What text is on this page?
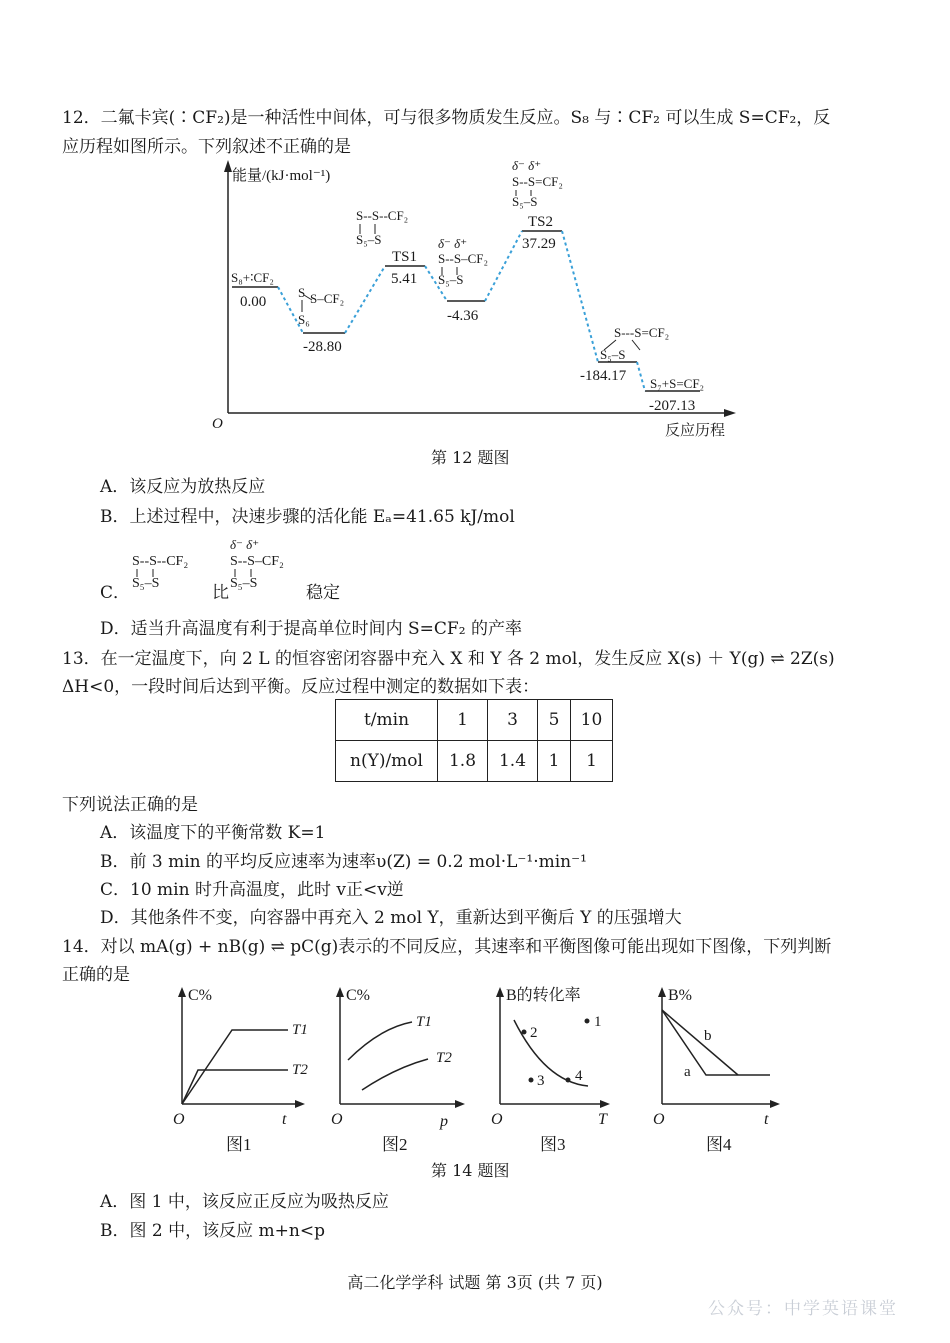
12．二氟卡宾(∶CF₂)是一种活性中间体，可与很多物质发生反应。S₈ 与∶CF₂ 可以生成 S=CF₂，反
应历程如图所示。下列叙述不正确的是
能量/(kJ·mol⁻¹)
反应历程
O
0.00
-28.80
5.41
-4.36
37.29
-184.17
-207.13
TS1
TS2
S₈+∶CF₂
S S–CF₂
S₆
S--S--CF₂
S₅–S	δ⁻ δ⁺
S--S–CF₂
S₅–S
δ⁻ δ⁺
S--S=CF₂
S₅–S
S---S=CF₂
S₅–S
S₇+S=CF₂
第 12 题图
A．该反应为放热反应
B．上述过程中，决速步骤的活化能 Eₐ=41.65 kJ/mol
C．
S--S--CF₂
S₅–S
δ⁻ δ⁺
S--S–CF₂
S₅–S
比	稳定
D．适当升高温度有利于提高单位时间内 S=CF₂ 的产率
13．在一定温度下，向 2 L 的恒容密闭容器中充入 X 和 Y 各 2 mol，发生反应 X(s) ＋ Y(g) ⇌ 2Z(s)
ΔH<0，一段时间后达到平衡。反应过程中测定的数据如下表：
t/min	1	3	5	10
n(Y)/mol	1.8	1.4	1	1
下列说法正确的是
A．该温度下的平衡常数 K=1
B．前 3 min 的平均反应速率为速率υ(Z) = 0.2 mol·L⁻¹·min⁻¹
C．10 min 时升高温度，此时 v正<v逆
D．其他条件不变，向容器中再充入 2 mol Y，重新达到平衡后 Y 的压强增大
14．对以 mA(g) + nB(g) ⇌ pC(g)表示的不同反应，其速率和平衡图像可能出现如下图像，下列判断
正确的是
C%
O	t
T1
T2
图1
C%
O	p
T1
T2
图2
B的转化率
O	T
1
2
3 4
图3
B%
O	t
a
b
图4
第 14 题图
A．图 1 中，该反应正反应为吸热反应
B．图 2 中，该反应 m+n<p
高二化学学科 试题 第 3页 (共 7 页)
公众号：中学英语课堂
